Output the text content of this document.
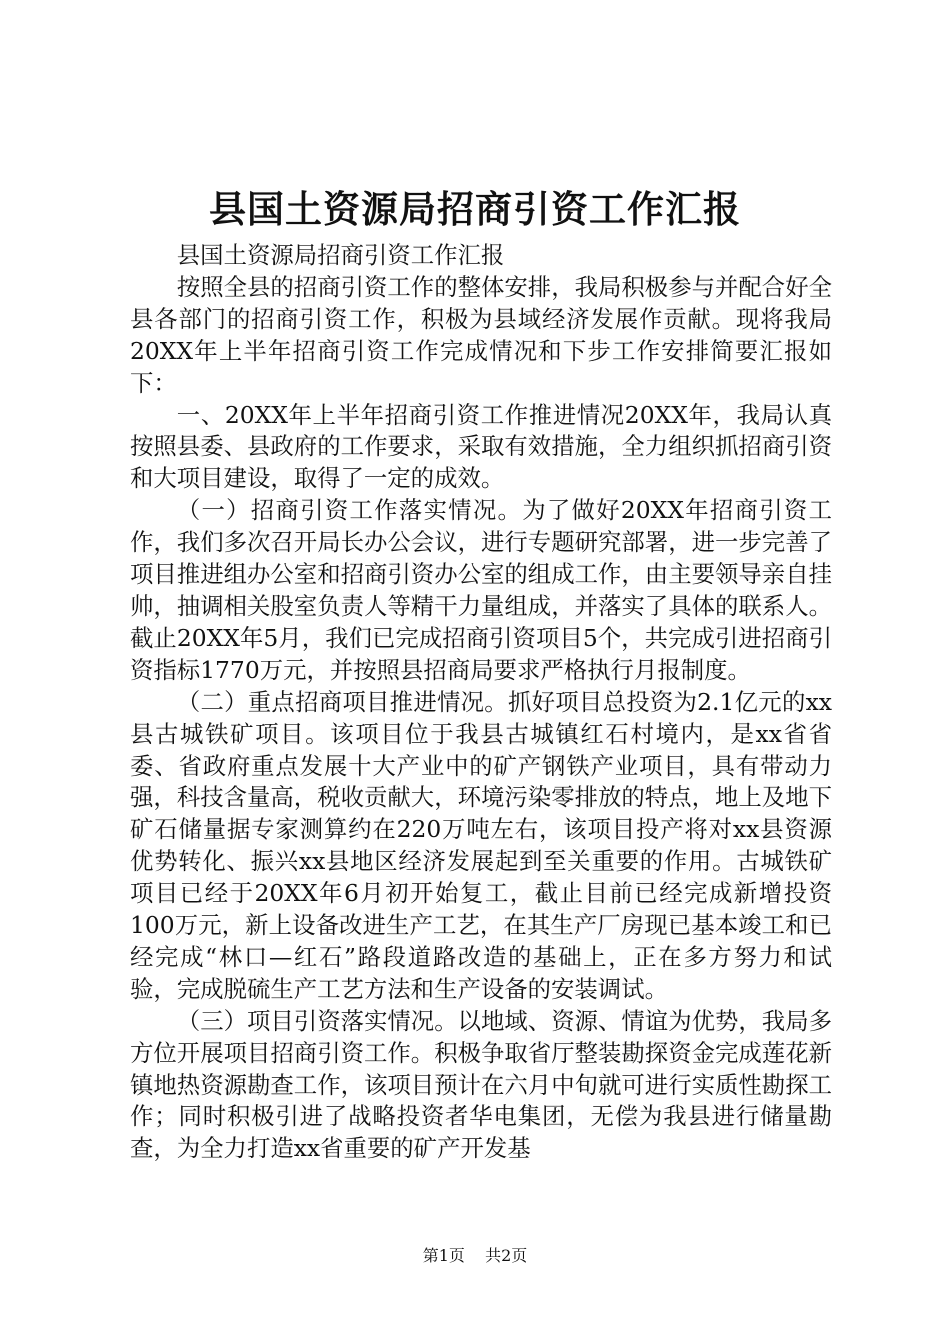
县国土资源局招商引资工作汇报

县国土资源局招商引资工作汇报

按照全县的招商引资工作的整体安排，我局积极参与并配合好全县各部门的招商引资工作，积极为县域经济发展作贡献。现将我局20XX年上半年招商引资工作完成情况和下步工作安排简要汇报如下：

一、20XX年上半年招商引资工作推进情况20XX年，我局认真按照县委、县政府的工作要求，采取有效措施，全力组织抓招商引资和大项目建设，取得了一定的成效。

（一）招商引资工作落实情况。为了做好20XX年招商引资工作，我们多次召开局长办公会议，进行专题研究部署，进一步完善了项目推进组办公室和招商引资办公室的组成工作，由主要领导亲自挂帅，抽调相关股室负责人等精干力量组成，并落实了具体的联系人。截止20XX年5月，我们已完成招商引资项目5个，共完成引进招商引资指标1770万元，并按照县招商局要求严格执行月报制度。

（二）重点招商项目推进情况。抓好项目总投资为2.1亿元的xx县古城铁矿项目。该项目位于我县古城镇红石村境内，是xx省省委、省政府重点发展十大产业中的矿产钢铁产业项目，具有带动力强，科技含量高，税收贡献大，环境污染零排放的特点，地上及地下矿石储量据专家测算约在220万吨左右，该项目投产将对xx县资源优势转化、振兴xx县地区经济发展起到至关重要的作用。古城铁矿项目已经于20XX年6月初开始复工，截止目前已经完成新增投资100万元，新上设备改进生产工艺，在其生产厂房现已基本竣工和已经完成“林口—红石”路段道路改造的基础上，正在多方努力和试验，完成脱硫生产工艺方法和生产设备的安装调试。

（三）项目引资落实情况。以地域、资源、情谊为优势，我局多方位开展项目招商引资工作。积极争取省厅整装勘探资金完成莲花新镇地热资源勘查工作，该项目预计在六月中旬就可进行实质性勘探工作；同时积极引进了战略投资者华电集团，无偿为我县进行储量勘查，为全力打造xx省重要的矿产开发基

第1页 共2页
